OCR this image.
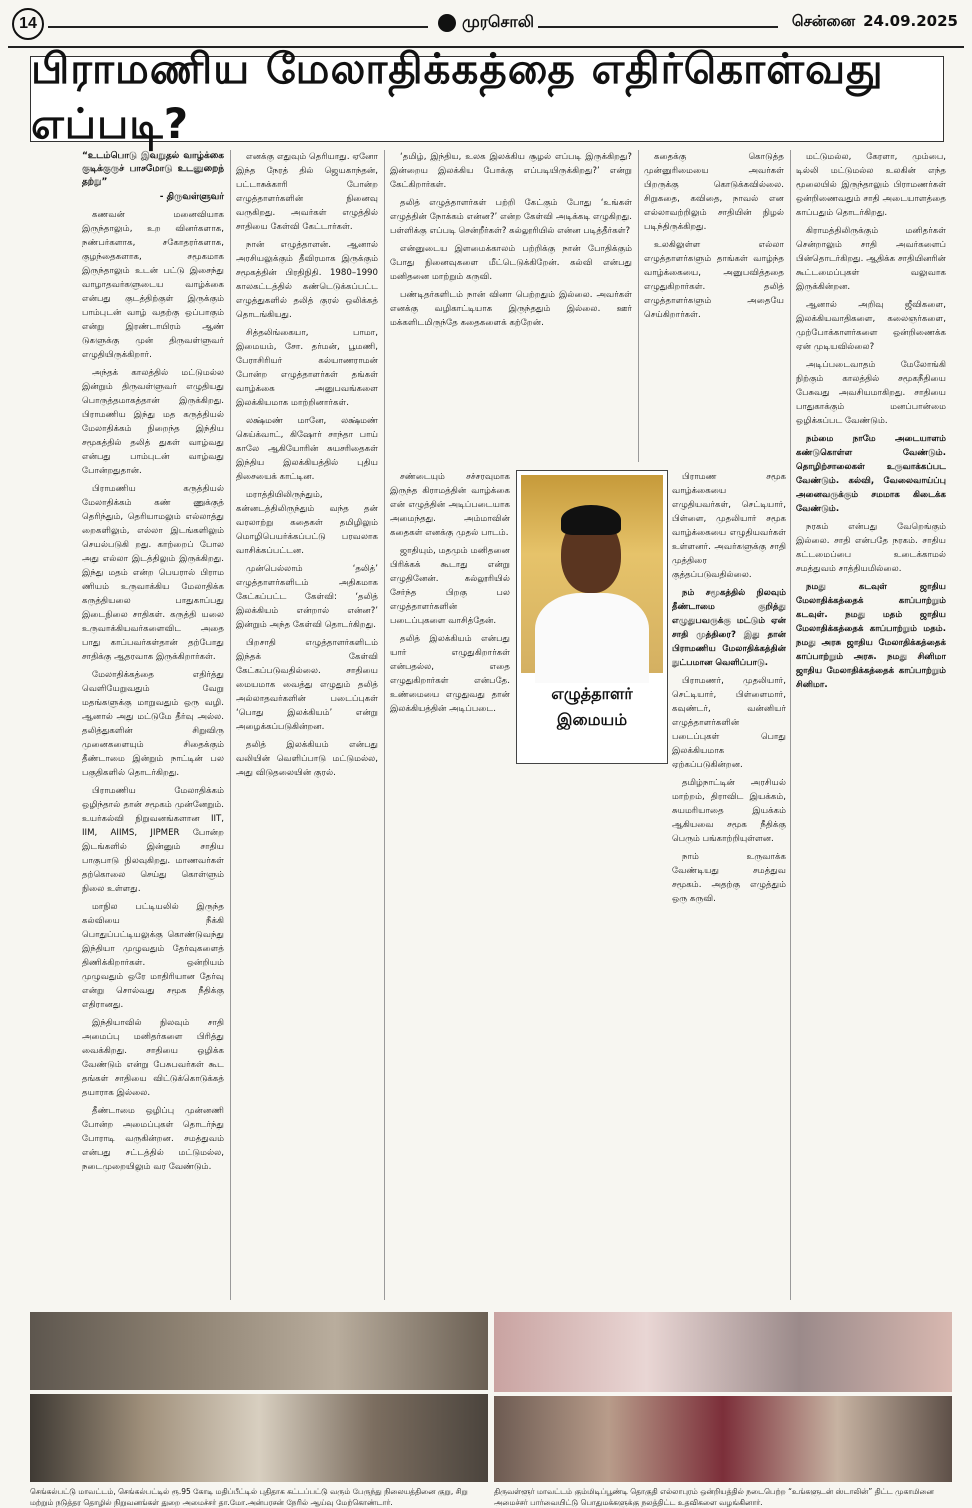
14	முரசொலி	சென்னை 24.09.2025
பிராமணிய மேலாதிக்கத்தை எதிர்கொள்வது எப்படி?
“உடம்பொடு இவறுதல் வாழ்க்கை குடிக்குருச் பாசமோடு உடனுறைந் தற்று”
- திருவள்ளுவர்

கணவன் மனைவியாக இருந்தாலும், உற வினர்களாக, நண்பர்களாக, சகோதரர்களாக, குழந்தைகளாக, சமூகமாக இருந்தாலும் உடன் பட்டு இசைந்து வாழாதவர்களுடைய வாழ்க்கை என்பது குடத்திற்குள் இருக்கும் பாம்புடன் வாழ் வதற்கு ஒப்பாகும் என்று இரண்டாயிரம் ஆண் டுகளுக்கு முன் திருவள்ளுவர் எழுதியிருக்கிறார்.

அந்தக் காலத்தில் மட்டுமல்ல இன்றும் திருவள்ளுவர் எழுதியது பொருத்தமாகத்தான் இருக்கிறது. பிராமணிய இந்து மத கருத்தியல் மேலாதிக்கம் நிறைந்த இந்திய சமூகத்தில் தலித் துகள் வாழ்வது என்பது பாம்புடன் வாழ்வது போன்றதுதான்.

பிராமணிய கருத்தியல் மேலாதிக்கம் கண் ணுக்குத் தெரிந்தும், தெரியாமலும் எல்லாத்து றைகளிலும், எல்லா இடங்களிலும் செயல்படுகி றது. காற்றைப் போல அது எல்லா இடத்திலும் இருக்கிறது. இந்து மதம் என்ற பெயரால் பிராம ணியம் உருவாக்கிய மேலாதிக்க கருத்தியலை பாதுகாப்பது இடைநிலை சாதிகள். கருத்தி யலை உருவாக்கியவர்களைவிட அதை பாது காப்பவர்கள்தான் தற்போது சாதிக்கு ஆதரவாக இருக்கிறார்கள்.

மேலாதிக்கத்தை எதிர்த்து வெளியேறுவதும் வேறு மதங்களுக்கு மாறுவதும் ஒரு வழி. ஆனால் அது மட்டுமே தீர்வு அல்ல. தலித்துகளின் சிறுவிரு முனைகளையும் சிதைக்கும் தீண்டாமை இன்றும் நாட்டின் பல பகுதிகளில் தொடர்கிறது.

பிராமணிய மேலாதிக்கம் ஒழிந்தால் தான் சமூகம் முன்னேறும். உயர்கல்வி நிறுவனங்களான IIT, IIM, AIIMS, JIPMER போன்ற இடங்களில் இன்னும் சாதிய பாகுபாடு நிலவுகிறது. மாணவர்கள் தற்கொலை செய்து கொள்ளும் நிலை உள்ளது.

மாநில பட்டியலில் இருந்த கல்வியை நீக்கி பொதுப்பட்டியலுக்கு கொண்டுவந்து இந்தியா முழுவதும் தேர்வுகளைத் திணிக்கிறார்கள். ஒன்றியம் முழுவதும் ஒரே மாதிரியான தேர்வு என்று சொல்வது சமூக நீதிக்கு எதிரானது.

இந்தியாவில் நிலவும் சாதி அமைப்பு மனிதர்களை பிரித்து வைக்கிறது. சாதியை ஒழிக்க வேண்டும் என்று பேசுபவர்கள் கூட தங்கள் சாதியை விட்டுக்கொடுக்கத் தயாராக இல்லை.

தீண்டாமை ஒழிப்பு முன்னணி போன்ற அமைப்புகள் தொடர்ந்து போராடி வருகின்றன. சமத்துவம் என்பது சட்டத்தில் மட்டுமல்ல, நடைமுறையிலும் வர வேண்டும்.

எனக்கு எதுவும் தெரியாது. ஏனோ இந்த நேரத் தில் ஜெயகாந்தன், பட்டாசுக்காரி போன்ற எழுத்தாளர்களின் நினைவு வருகிறது. அவர்கள் எழுத்தில் சாதியை கேள்வி கேட்டார்கள்.

நான் எழுத்தாளன். ஆனால் அரசியலுக்கும் தீவிரமாக இருக்கும் சமூகத்தின் பிரதிநிதி. 1980–1990 காலகட்டத்தில் கண்டெடுக்கப்பட்ட எழுத்துகளில் தலித் குரல் ஒலிக்கத் தொடங்கியது.

சித்தலிங்கையா, பாமா, இமையம், சோ. தர்மன், பூமணி, பேராசிரியர் கல்யாணராமன் போன்ற எழுத்தாளர்கள் தங்கள் வாழ்க்கை அனுபவங்களை இலக்கியமாக மாற்றினார்கள்.

லக்ஷ்மண் மானே, லக்ஷ்மண் கெய்க்வாட், கிஷோர் சாந்தா பாய் காலே ஆகியோரின் சுயசரிதைகள் இந்திய இலக்கியத்தில் புதிய திசையைக் காட்டின.

மராத்தியிலிருந்தும், கன்னடத்திலிருந்தும் வந்த தன் வரலாற்று கதைகள் தமிழிலும் மொழிபெயர்க்கப்பட்டு பரவலாக வாசிக்கப்பட்டன.

முன்பெல்லாம் ‘தலித்’ எழுத்தாளர்களிடம் அதிகமாக கேட்கப்பட்ட கேள்வி: ‘தலித் இலக்கியம் என்றால் என்ன?’ இன்றும் அந்த கேள்வி தொடர்கிறது.

பிறசாதி எழுத்தாளர்களிடம் இந்தக் கேள்வி கேட்கப்படுவதில்லை. சாதியை மையமாக வைத்து எழுதும் தலித் அல்லாதவர்களின் படைப்புகள் ‘பொது இலக்கியம்’ என்று அழைக்கப்படுகின்றன.

தலித் இலக்கியம் என்பது வலியின் வெளிப்பாடு மட்டுமல்ல, அது விடுதலையின் குரல்.

‘தமிழ், இந்திய, உலக இலக்கிய சூழல் எப்படி இருக்கிறது? இன்றைய இலக்கிய போக்கு எப்படியிருக்கிறது?’ என்று கேட்கிறார்கள்.

தலித் எழுத்தாளர்கள் பற்றி கேட்கும் போது ‘உங்கள் எழுத்தின் நோக்கம் என்ன?’ என்ற கேள்வி அடிக்கடி எழுகிறது. பள்ளிக்கு எப்படி சென்றீர்கள்? கல்லூரியில் என்ன படித்தீர்கள்?

என்னுடைய இளமைக்காலம் பற்றிக்கு நான் போதிக்கும் போது நினைவுகளை மீட்டெடுக்கிறேன். கல்வி என்பது மனிதனை மாற்றும் கருவி.

பண்டிதர்களிடம் நான் வினா பெற்றதும் இல்லை. அவர்கள் எனக்கு வழிகாட்டியாக இருந்ததும் இல்லை. ஊர் மக்களிடமிருந்தே கதைகளைக் கற்றேன்.

சண்டையும் சச்சரவுமாக இருந்த கிராமத்தின் வாழ்க்கை என் எழுத்தின் அடிப்படையாக அமைந்தது. அம்மாவின் கதைகள் எனக்கு முதல் பாடம்.

ஜாதியும், மதமும் மனிதனை பிரிக்கக் கூடாது என்று எழுதினேன். கல்லூரியில் சேர்ந்த பிறகு பல எழுத்தாளர்களின் படைப்புகளை வாசித்தேன்.

தலித் இலக்கியம் என்பது யார் எழுதுகிறார்கள் என்பதல்ல, எதை எழுதுகிறார்கள் என்பதே. உண்மையை எழுதுவது தான் இலக்கியத்தின் அடிப்படை.

எழுத்தாளர்
இமையம்

கதைக்கு கொடுத்த முன்னுரிமையை அவர்கள் பிறருக்கு கொடுக்கவில்லை. சிறுகதை, கவிதை, நாவல் என எல்லாவற்றிலும் சாதியின் நிழல் படிந்திருக்கிறது.

உலகிலுள்ள எல்லா எழுத்தாளர்களும் தாங்கள் வாழ்ந்த வாழ்க்கையை, அனுபவித்ததை எழுதுகிறார்கள். தலித் எழுத்தாளர்களும் அதையே செய்கிறார்கள்.

பிராமண சமூக வாழ்க்கையை எழுதியவர்கள், செட்டியார், பிள்ளை, முதலியார் சமூக வாழ்க்கையை எழுதியவர்கள் உள்ளனர். அவர்களுக்கு சாதி முத்திரை குத்தப்படுவதில்லை.

நம் சமூகத்தில் நிலவும் தீண்டாமை குறித்து எழுதுபவருக்கு மட்டும் ஏன் சாதி முத்திரை? இது தான் பிராமணிய மேலாதிக்கத்தின் நுட்பமான வெளிப்பாடு.

பிராமணர், முதலியார், செட்டியார், பிள்ளைமார், கவுண்டர், வன்னியர் எழுத்தாளர்களின் படைப்புகள் பொது இலக்கியமாக ஏற்கப்படுகின்றன.

தமிழ்நாட்டின் அரசியல் மாற்றம், திராவிட இயக்கம், சுயமரியாதை இயக்கம் ஆகியவை சமூக நீதிக்கு பெரும் பங்காற்றியுள்ளன.

நாம் உருவாக்க வேண்டியது சமத்துவ சமூகம். அதற்கு எழுத்தும் ஒரு கருவி.

மட்டுமல்ல, கேரளா, மும்பை, டில்லி மட்டுமல்ல உலகின் எந்த மூலையில் இருந்தாலும் பிராமணர்கள் ஒன்றிணைவதும் சாதி அடையாளத்தை காப்பதும் தொடர்கிறது.

கிராமத்திலிருக்கும் மனிதர்கள் சென்றாலும் சாதி அவர்களைப் பின்தொடர்கிறது. ஆதிக்க சாதியினரின் கூட்டமைப்புகள் வலுவாக இருக்கின்றன.

ஆனால் அறிவு ஜீவிகளை, இலக்கியவாதிகளை, கலைஞர்களை, முற்போக்காளர்களை ஒன்றிணைக்க ஏன் முடியவில்லை?

அடிப்படைவாதம் மேலோங்கி நிற்கும் காலத்தில் சமூகநீதியை பேசுவது அவசியமாகிறது. சாதியை பாதுகாக்கும் மனப்பான்மை ஒழிக்கப்பட வேண்டும்.

நம்மை நாமே அடையாளம் கண்டுகொள்ள வேண்டும். தொழிற்சாலைகள் உருவாக்கப்பட வேண்டும். கல்வி, வேலைவாய்ப்பு அனைவருக்கும் சமமாக கிடைக்க வேண்டும்.

நரகம் என்பது வேறெங்கும் இல்லை. சாதி என்பதே நரகம். சாதிய கட்டமைப்பை உடைக்காமல் சமத்துவம் சாத்தியமில்லை.

நமது கடவுள் ஜாதிய மேலாதிக்கத்தைக் காப்பாற்றும் கடவுள். நமது மதம் ஜாதிய மேலாதிக்கத்தைக் காப்பாற்றும் மதம். நமது அரசு ஜாதிய மேலாதிக்கத்தைக் காப்பாற்றும் அரசு. நமது சினிமா ஜாதிய மேலாதிக்கத்தைக் காப்பாற்றும் சினிமா.

செங்கல்பட்டு மாவட்டம், செங்கல்பட்டில் ரூ.95 கோடி மதிப்பீட்டில் புதிதாக கட்டப்பட்டு வரும் பேருந்து நிலையத்தினை குறு, சிறு மற்றும் நடுத்தர தொழில் நிறுவனங்கள் துறை அமைச்சர் தா.மோ.அன்பரசன் நேரில் ஆய்வு மேற்கொண்டார்.
திருவள்ளூர் மாவட்டம் கும்மிடிப்பூண்டி தொகுதி எல்லாபுரம் ஒன்றியத்தில் நடைபெற்ற “உங்களுடன் ஸ்டாலின்” திட்ட முகாமினை அமைச்சர் பார்வையிட்டு பொதுமக்களுக்கு நலத்திட்ட உதவிகளை வழங்கினார்.
